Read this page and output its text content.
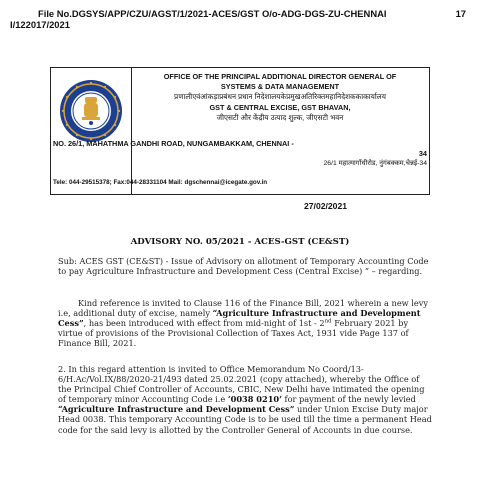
File No.DGSYS/APP/CZU/AGST/1/2021-ACES/GST O/o-ADG-DGS-ZU-CHENNAI	17
I/122017/2021
OFFICE OF THE PRINCIPAL ADDITIONAL DIRECTOR GENERAL OF
SYSTEMS & DATA MANAGEMENT
प्रणालीएवंआंकड़ाप्रबंधन प्रधान निदेशालयकेप्रमुखअतिरिक्तमहानिदेशककाकार्यालय
GST & CENTRAL EXCISE, GST BHAVAN,
जीएसटी और केंद्रीय उत्पाद शुल्क, जीएसटी भवन
NO. 26/1, MAHATHMA GANDHI ROAD, NUNGAMBAKKAM, CHENNAI -
34
26/1 महात्मागाँधीरोड, नुंगंबक्कम,चेन्नई-34
Tele: 044-29515378; Fax:044-28331104 Mail: dgschennai@icegate.gov.in
27/02/2021
ADVISORY NO. 05/2021 - ACES-GST (CE&ST)
Sub: ACES GST (CE&ST) - Issue of Advisory on allotment of Temporary Accounting Code to pay Agriculture Infrastructure and Development Cess (Central Excise) ” – regarding.
Kind reference is invited to Clause 116 of the Finance Bill, 2021 wherein a new levy i.e, additional duty of excise, namely “Agriculture Infrastructure and Development Cess”, has been introduced with effect from mid-night of 1st - 2nd February 2021 by virtue of provisions of the Provisional Collection of Taxes Act, 1931 vide Page 137 of Finance Bill, 2021.
2. In this regard attention is invited to Office Memorandum No Coord/13-6/H.Ac/Vol.IX/88/2020-21/493 dated 25.02.2021 (copy attached), whereby the Office of the Principal Chief Controller of Accounts, CBIC, New Delhi have intimated the opening of temporary minor Accounting Code i.e ‘0038 0210’ for payment of the newly levied “Agriculture Infrastructure and Development Cess” under Union Excise Duty major Head 0038. This temporary Accounting Code is to be used till the time a permanent Head code for the said levy is allotted by the Controller General of Accounts in due course.
